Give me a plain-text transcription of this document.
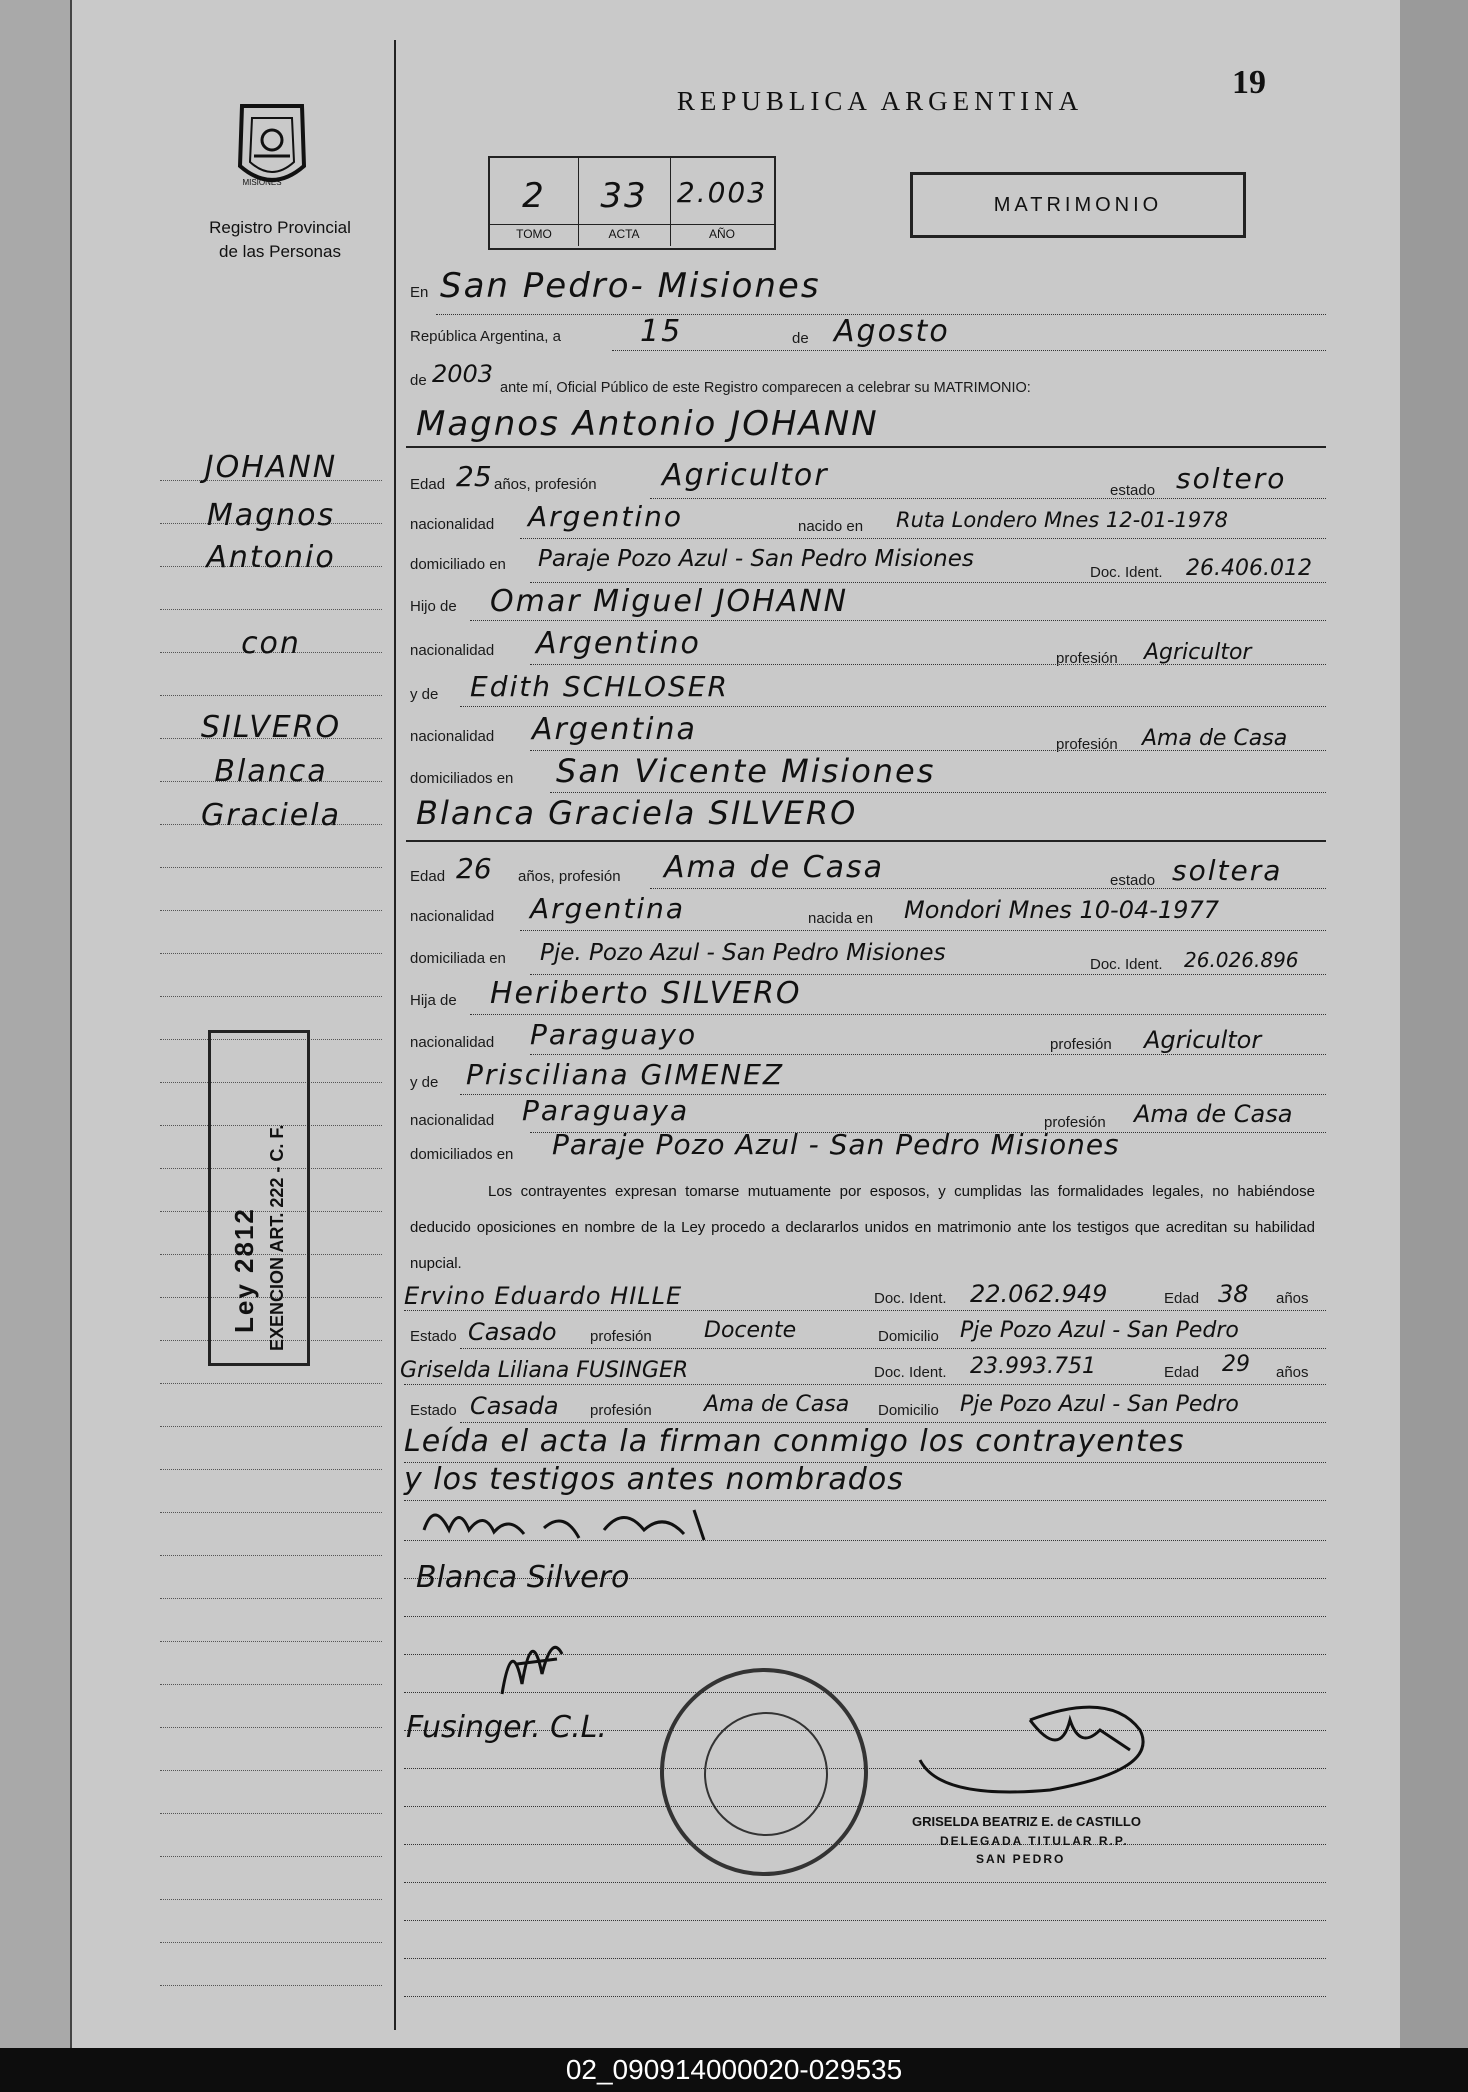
19
MISIONES
Registro Provincial
de las Personas
REPUBLICA ARGENTINA
2
TOMO
33
ACTA
2.003
AÑO
MATRIMONIO
JOHANN
Magnos
Antonio
con
SILVERO
Blanca
Graciela
Ley 2812 EXENCION ART. 222 - C. F.
En San Pedro- Misiones
República Argentina, a	15	de Agosto
de 2003 ante mí, Oficial Público de este Registro comparecen a celebrar su MATRIMONIO:
Magnos Antonio JOHANN
Edad 25 años, profesión Agricultor	estado soltero
nacionalidad Argentino	nacido en Ruta Londero Mnes 12-01-1978
domiciliado en Paraje Pozo Azul - San Pedro Misiones
Doc. Ident. 26.406.012
Hijo de Omar Miguel JOHANN
nacionalidad Argentino	profesión Agricultor
y de Edith SCHLOSER
nacionalidad Argentina	profesión Ama de Casa
domiciliados en San Vicente Misiones
Blanca Graciela SILVERO
Edad 26 años, profesión Ama de Casa	estado soltera
nacionalidad Argentina	nacida en Mondori Mnes 10-04-1977
domiciliada en Pje. Pozo Azul - San Pedro Misiones	Doc. Ident. 26.026.896
Hija de Heriberto SILVERO
nacionalidad Paraguayo	profesión Agricultor
y de Prisciliana GIMENEZ
nacionalidad Paraguaya	profesión Ama de Casa
domiciliados en Paraje Pozo Azul - San Pedro Misiones
Los contrayentes expresan tomarse mutuamente por esposos, y cumplidas las formalidades legales, no habiéndose deducido oposiciones en nombre de la Ley procedo a declararlos unidos en matrimonio ante los testigos que acreditan su habilidad nupcial.
Ervino Eduardo HILLE	Doc. Ident. 22.062.949	Edad 38 años
Estado Casado profesión Docente	Domicilio Pje Pozo Azul - San Pedro
Griselda Liliana FUSINGER	Doc. Ident. 23.993.751	Edad 29 años
Estado Casada profesión Ama de Casa Domicilio Pje Pozo Azul - San Pedro
Leída el acta la firman conmigo los contrayentes
y los testigos antes nombrados
Blanca Silvero
Fusinger. C.L.
GRISELDA BEATRIZ E. de CASTILLO
DELEGADA TITULAR R.P.
SAN PEDRO
02_090914000020-029535
